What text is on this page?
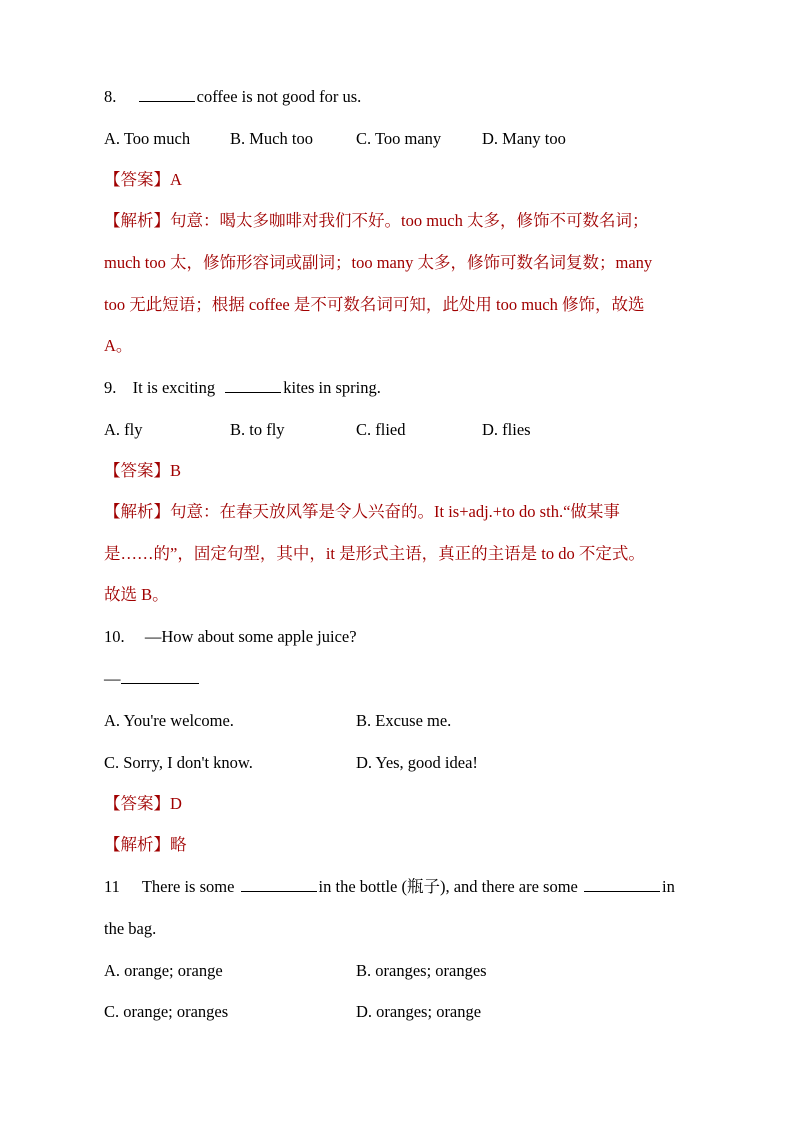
8.	coffee is not good for us.
A. Too much B. Much too	C. Too many D. Many too
【答案】A
【解析】句意：喝太多咖啡对我们不好。too much 太多，修饰不可数名词；
much too 太，修饰形容词或副词；too many 太多，修饰可数名词复数；many
too 无此短语；根据 coffee 是不可数名词可知，此处用 too much 修饰，故选
A。
9. It is exciting	kites in spring.
A. fly	B. to fly	C. flied	D. flies
【答案】B
【解析】句意：在春天放风筝是令人兴奋的。It is+adj.+to do sth.“做某事
是……的”，固定句型，其中，it 是形式主语，真正的主语是 to do 不定式。
故选 B。
10. —How about some apple juice?
—
A. You're welcome.	B. Excuse me.
C. Sorry, I don't know.	D. Yes, good idea!
【答案】D
【解析】略
11 There is some	in the bottle (瓶子), and there are some	in
the bag.
A. orange; orange	B. oranges; oranges
C. orange; oranges	D. oranges; orange
